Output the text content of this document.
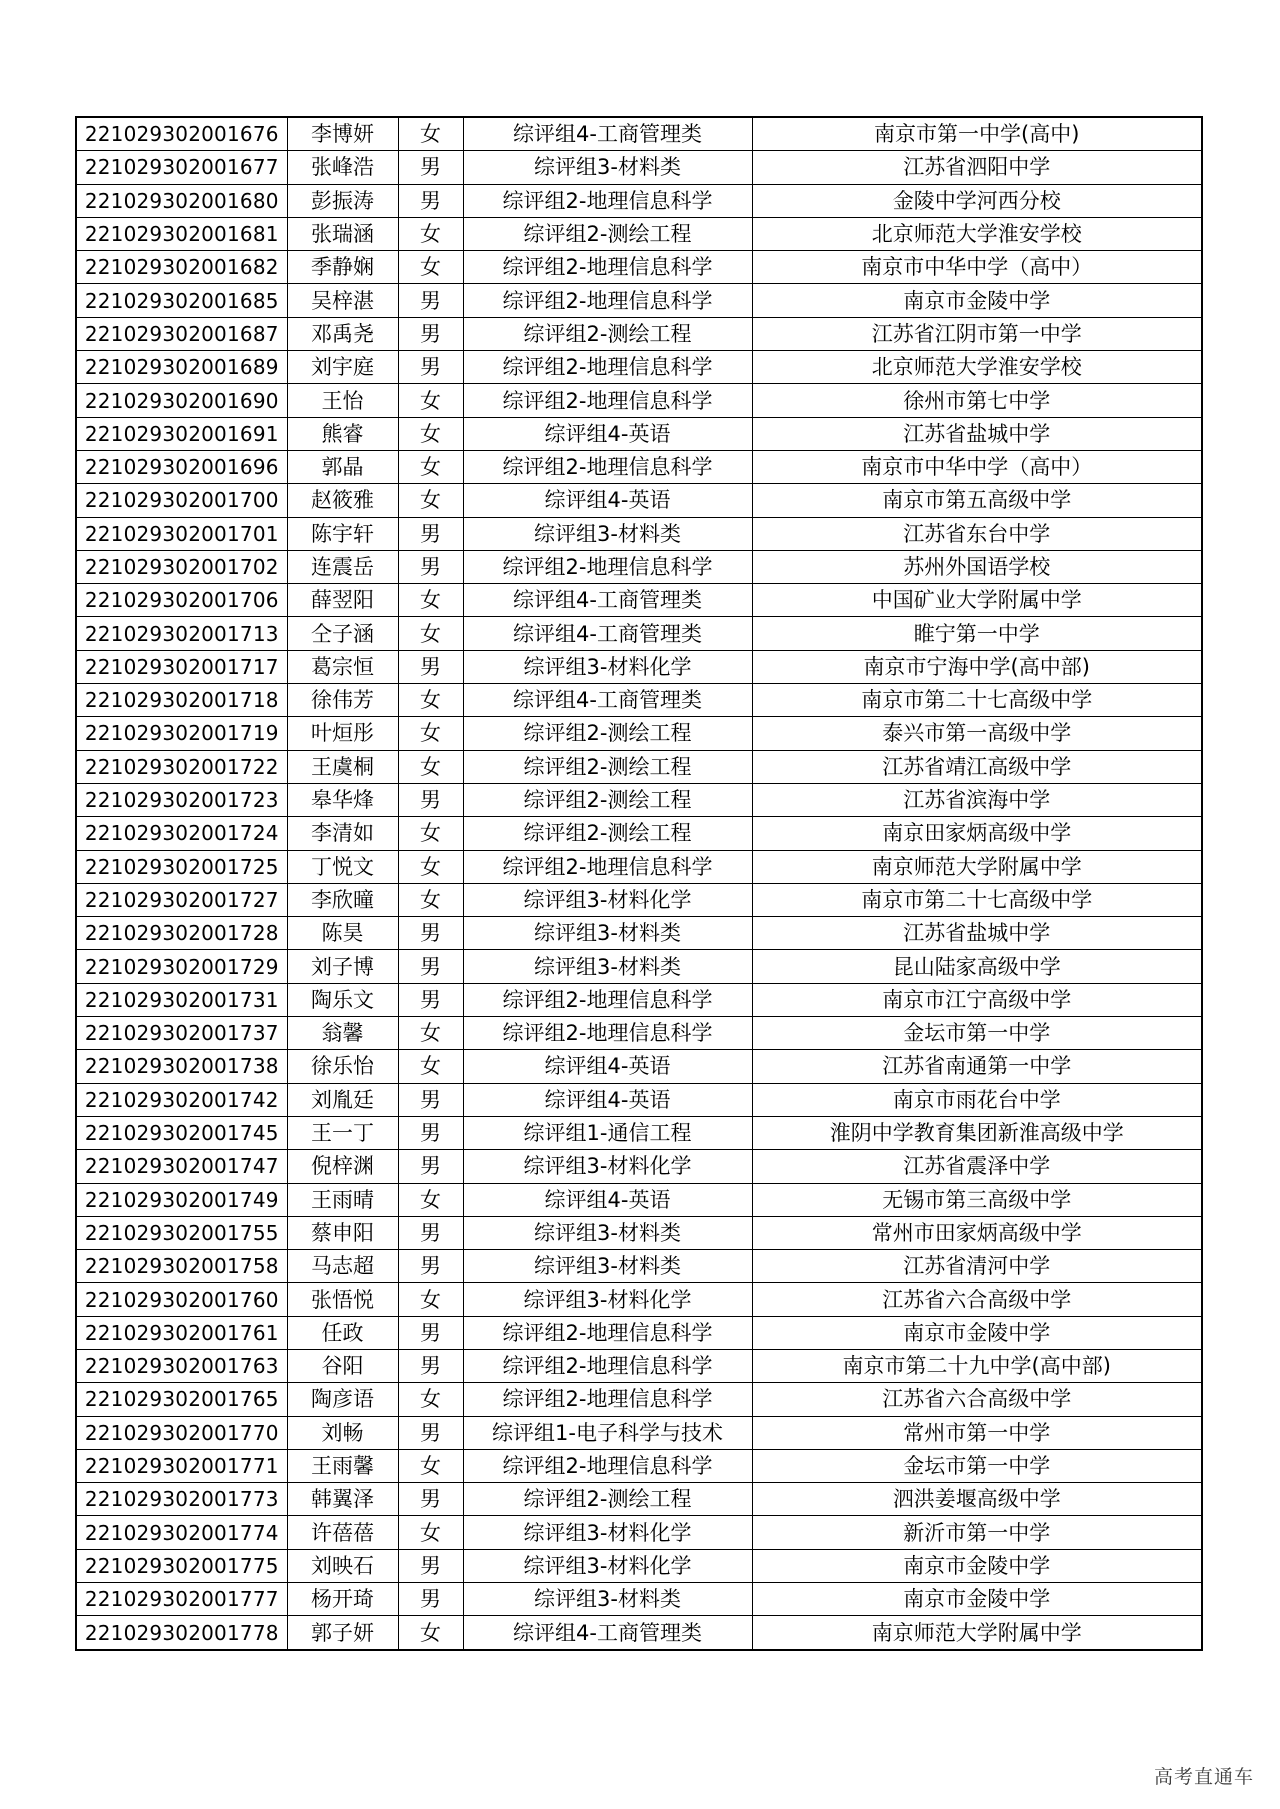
221029302001676	李博妍	女	综评组4-工商管理类	南京市第一中学(高中)
221029302001677	张峰浩	男	综评组3-材料类	江苏省泗阳中学
221029302001680	彭振涛	男	综评组2-地理信息科学	金陵中学河西分校
221029302001681	张瑞涵	女	综评组2-测绘工程	北京师范大学淮安学校
221029302001682	季静娴	女	综评组2-地理信息科学	南京市中华中学（高中）
221029302001685	吴梓湛	男	综评组2-地理信息科学	南京市金陵中学
221029302001687	邓禹尧	男	综评组2-测绘工程	江苏省江阴市第一中学
221029302001689	刘宇庭	男	综评组2-地理信息科学	北京师范大学淮安学校
221029302001690	王怡	女	综评组2-地理信息科学	徐州市第七中学
221029302001691	熊睿	女	综评组4-英语	江苏省盐城中学
221029302001696	郭晶	女	综评组2-地理信息科学	南京市中华中学（高中）
221029302001700	赵筱雅	女	综评组4-英语	南京市第五高级中学
221029302001701	陈宇轩	男	综评组3-材料类	江苏省东台中学
221029302001702	连震岳	男	综评组2-地理信息科学	苏州外国语学校
221029302001706	薛翌阳	女	综评组4-工商管理类	中国矿业大学附属中学
221029302001713	仝子涵	女	综评组4-工商管理类	睢宁第一中学
221029302001717	葛宗恒	男	综评组3-材料化学	南京市宁海中学(高中部)
221029302001718	徐伟芳	女	综评组4-工商管理类	南京市第二十七高级中学
221029302001719	叶烜彤	女	综评组2-测绘工程	泰兴市第一高级中学
221029302001722	王虞桐	女	综评组2-测绘工程	江苏省靖江高级中学
221029302001723	皋华烽	男	综评组2-测绘工程	江苏省滨海中学
221029302001724	李清如	女	综评组2-测绘工程	南京田家炳高级中学
221029302001725	丁悦文	女	综评组2-地理信息科学	南京师范大学附属中学
221029302001727	李欣曈	女	综评组3-材料化学	南京市第二十七高级中学
221029302001728	陈昊	男	综评组3-材料类	江苏省盐城中学
221029302001729	刘子博	男	综评组3-材料类	昆山陆家高级中学
221029302001731	陶乐文	男	综评组2-地理信息科学	南京市江宁高级中学
221029302001737	翁馨	女	综评组2-地理信息科学	金坛市第一中学
221029302001738	徐乐怡	女	综评组4-英语	江苏省南通第一中学
221029302001742	刘胤廷	男	综评组4-英语	南京市雨花台中学
221029302001745	王一丁	男	综评组1-通信工程	淮阴中学教育集团新淮高级中学
221029302001747	倪梓渊	男	综评组3-材料化学	江苏省震泽中学
221029302001749	王雨晴	女	综评组4-英语	无锡市第三高级中学
221029302001755	蔡申阳	男	综评组3-材料类	常州市田家炳高级中学
221029302001758	马志超	男	综评组3-材料类	江苏省清河中学
221029302001760	张悟悦	女	综评组3-材料化学	江苏省六合高级中学
221029302001761	任政	男	综评组2-地理信息科学	南京市金陵中学
221029302001763	谷阳	男	综评组2-地理信息科学	南京市第二十九中学(高中部)
221029302001765	陶彦语	女	综评组2-地理信息科学	江苏省六合高级中学
221029302001770	刘畅	男	综评组1-电子科学与技术	常州市第一中学
221029302001771	王雨馨	女	综评组2-地理信息科学	金坛市第一中学
221029302001773	韩翼泽	男	综评组2-测绘工程	泗洪姜堰高级中学
221029302001774	许蓓蓓	女	综评组3-材料化学	新沂市第一中学
221029302001775	刘映石	男	综评组3-材料化学	南京市金陵中学
221029302001777	杨开琦	男	综评组3-材料类	南京市金陵中学
221029302001778	郭子妍	女	综评组4-工商管理类	南京师范大学附属中学
高考直通车
